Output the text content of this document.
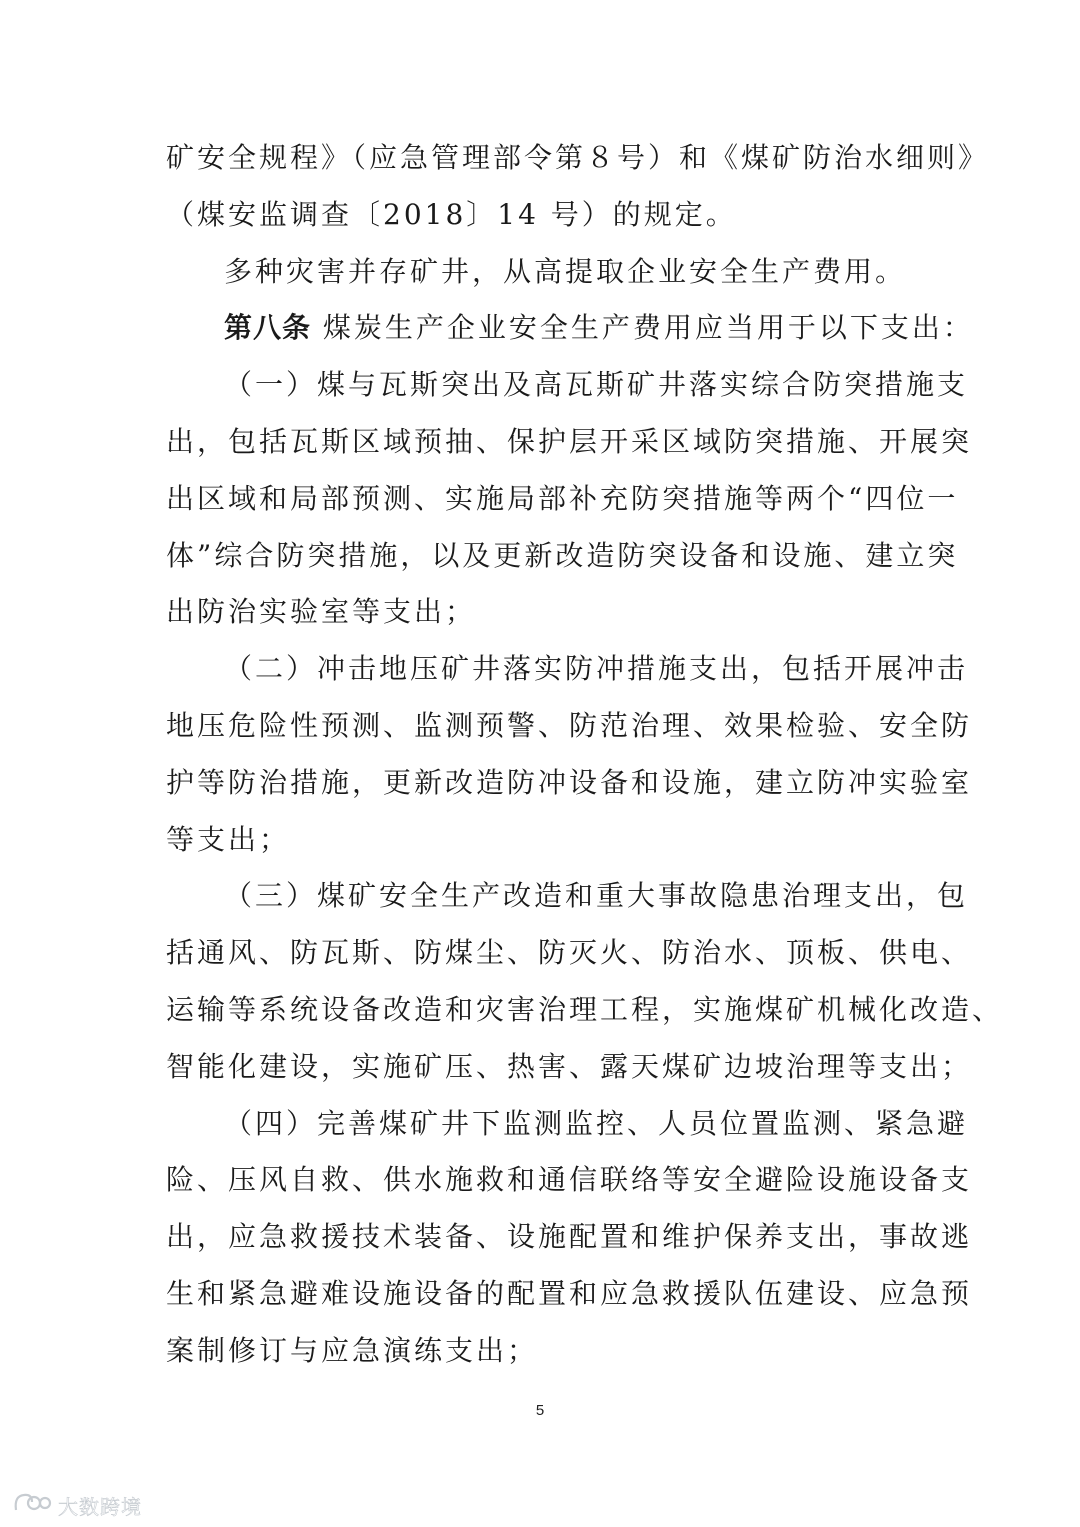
矿安全规程》（应急管理部令第８号）和《煤矿防治水细则》
（煤安监调查〔2018〕14 号）的规定。
多种灾害并存矿井，从高提取企业安全生产费用。
第八条 煤炭生产企业安全生产费用应当用于以下支出：
（一）煤与瓦斯突出及高瓦斯矿井落实综合防突措施支
出，包括瓦斯区域预抽、保护层开采区域防突措施、开展突
出区域和局部预测、实施局部补充防突措施等两个“四位一
体”综合防突措施，以及更新改造防突设备和设施、建立突
出防治实验室等支出；
（二）冲击地压矿井落实防冲措施支出，包括开展冲击
地压危险性预测、监测预警、防范治理、效果检验、安全防
护等防治措施，更新改造防冲设备和设施，建立防冲实验室
等支出；
（三）煤矿安全生产改造和重大事故隐患治理支出，包
括通风、防瓦斯、防煤尘、防灭火、防治水、顶板、供电、
运输等系统设备改造和灾害治理工程，实施煤矿机械化改造、
智能化建设，实施矿压、热害、露天煤矿边坡治理等支出；
（四）完善煤矿井下监测监控、人员位置监测、紧急避
险、压风自救、供水施救和通信联络等安全避险设施设备支
出，应急救援技术装备、设施配置和维护保养支出，事故逃
生和紧急避难设施设备的配置和应急救援队伍建设、应急预
案制修订与应急演练支出；
5
大数跨境
